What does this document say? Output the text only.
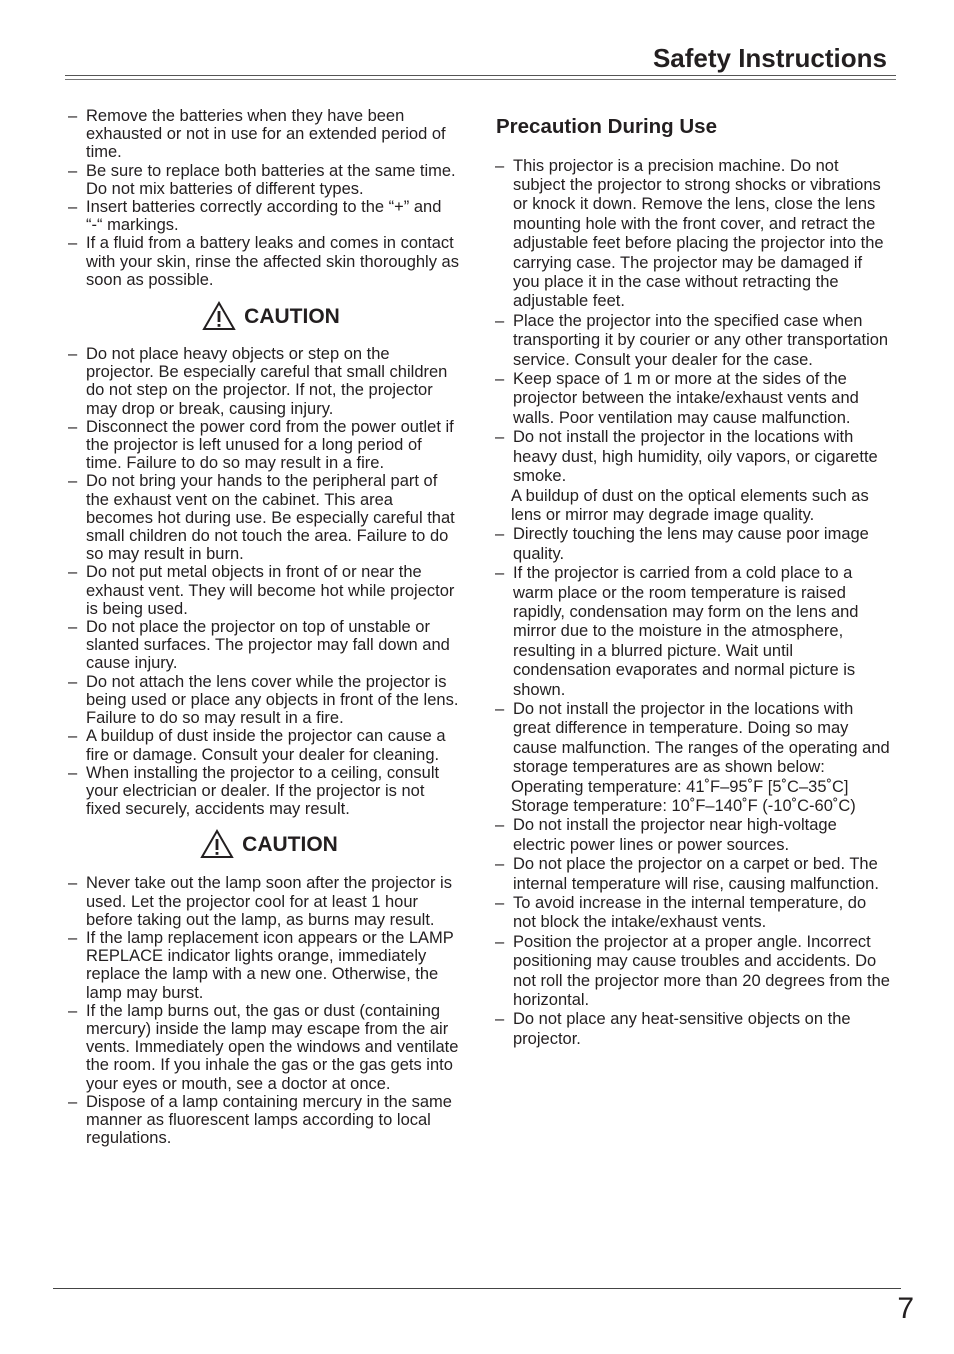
Safety Instructions
– Remove the batteries when they have been exhausted or not in use for an extended period of time.
– Be sure to replace both batteries at the same time. Do not mix batteries of different types.
– Insert batteries correctly according to the “+” and “-“ markings.
– If a fluid from a battery leaks and comes in contact with your skin, rinse the affected skin thoroughly as soon as possible.
CAUTION
– Do not place heavy objects or step on the projector. Be especially careful that small children do not step on the projector. If not, the projector may drop or break, causing injury.
– Disconnect the power cord from the power outlet if the projector is left unused for a long period of time. Failure to do so may result in a fire.
– Do not bring your hands to the peripheral part of the exhaust vent on the cabinet. This area becomes hot during use. Be especially careful that small children do not touch the area. Failure to do so may result in burn.
– Do not put metal objects in front of or near the exhaust vent. They will become hot while projector is being used.
– Do not place the projector on top of unstable or slanted surfaces. The projector may fall down and cause injury.
– Do not attach the lens cover while the projector is being used or place any objects in front of the lens. Failure to do so may result in a fire.
– A buildup of dust inside the projector can cause a fire or damage. Consult your dealer for cleaning.
– When installing the projector to a ceiling, consult your electrician or dealer. If the projector is not fixed securely, accidents may result.
CAUTION
– Never take out the lamp soon after the projector is used. Let the projector cool for at least 1 hour before taking out the lamp, as burns may result.
– If the lamp replacement icon appears or the LAMP REPLACE indicator lights orange, immediately replace the lamp with a new one. Otherwise, the lamp may burst.
– If the lamp burns out, the gas or dust (containing mercury) inside the lamp may escape from the air vents. Immediately open the windows and ventilate the room. If you inhale the gas or the gas gets into your eyes or mouth, see a doctor at once.
– Dispose of a lamp containing mercury in the same manner as fluorescent lamps according to local regulations.
Precaution During Use
– This projector is a precision machine. Do not subject the projector to strong shocks or vibrations or knock it down. Remove the lens, close the lens mounting hole with the front cover, and retract the adjustable feet before placing the projector into the carrying case. The projector may be damaged if you place it in the case without retracting the adjustable feet.
– Place the projector into the specified case when transporting it by courier or any other transportation service. Consult your dealer for the case.
– Keep space of 1 m or more at the sides of the projector between the intake/exhaust vents and walls. Poor ventilation may cause malfunction.
– Do not install the projector in the locations with heavy dust, high humidity, oily vapors, or cigarette smoke.
A buildup of dust on the optical elements such as lens or mirror may degrade image quality.
– Directly touching the lens may cause poor image quality.
– If the projector is carried from a cold place to a warm place or the room temperature is raised rapidly, condensation may form on the lens and mirror due to the moisture in the atmosphere, resulting in a blurred picture. Wait until condensation evaporates and normal picture is shown.
– Do not install the projector in the locations with great difference in temperature. Doing so may cause malfunction. The ranges of the operating and storage temperatures are as shown below:
Operating temperature: 41˚F–95˚F [5˚C–35˚C]
Storage temperature: 10˚F–140˚F (-10˚C-60˚C)
– Do not install the projector near high-voltage electric power lines or power sources.
– Do not place the projector on a carpet or bed. The internal temperature will rise, causing malfunction.
– To avoid increase in the internal temperature, do not block the intake/exhaust vents.
– Position the projector at a proper angle. Incorrect positioning may cause troubles and accidents. Do not roll the projector more than 20 degrees from the horizontal.
– Do not place any heat-sensitive objects on the projector.
7
